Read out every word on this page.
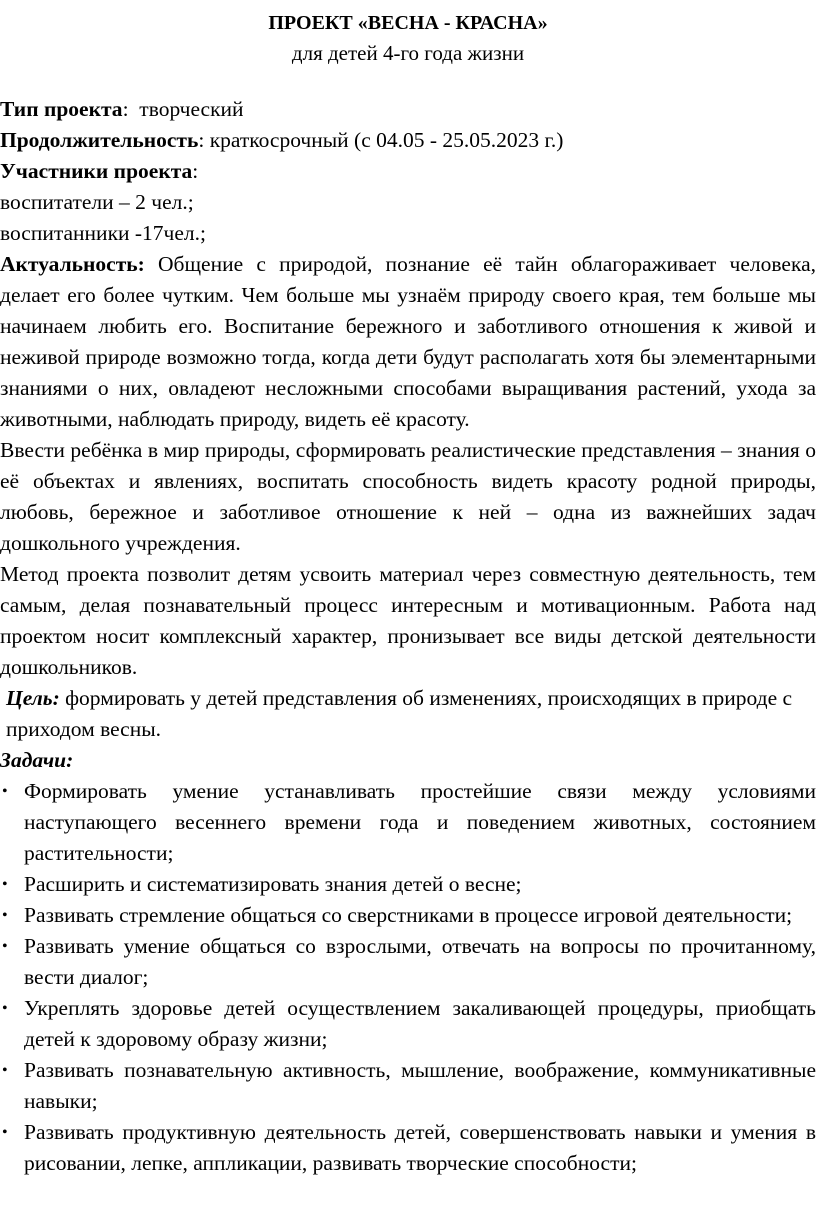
ПРОЕКТ «ВЕСНА - КРАСНА»
для детей 4-го года жизни

Тип проекта:  творческий

Продолжительность: краткосрочный (с 04.05 - 25.05.2023 г.)

Участники проекта:

воспитатели – 2 чел.;

воспитанники -17чел.;

Актуальность: Общение с природой, познание её тайн облагораживает человека, делает его более чутким. Чем больше мы узнаём природу своего края, тем больше мы начинаем любить его. Воспитание бережного и заботливого отношения к живой и неживой природе возможно тогда, когда дети будут располагать хотя бы элементарными знаниями о них, овладеют несложными способами выращивания растений, ухода за животными, наблюдать природу, видеть её красоту.

Ввести ребёнка в мир природы, сформировать реалистические представления – знания о её объектах и явлениях, воспитать способность видеть красоту родной природы, любовь, бережное и заботливое отношение к ней – одна из важнейших задач дошкольного учреждения.

Метод проекта позволит детям усвоить материал через совместную деятельность, тем самым, делая познавательный процесс интересным и мотивационным. Работа над проектом носит комплексный характер, пронизывает все виды детской деятельности дошкольников.

Цель: формировать у детей представления об изменениях, происходящих в природе с приходом весны.

Задачи:

• Формировать умение устанавливать простейшие связи между условиями наступающего весеннего времени года и поведением животных, состоянием растительности;
• Расширить и систематизировать знания детей о весне;
• Развивать стремление общаться со сверстниками в процессе игровой деятельности;
• Развивать умение общаться со взрослыми, отвечать на вопросы по прочитанному, вести диалог;
• Укреплять здоровье детей осуществлением закаливающей процедуры, приобщать детей к здоровому образу жизни;
• Развивать познавательную активность, мышление, воображение, коммуникативные навыки;
• Развивать продуктивную деятельность детей, совершенствовать навыки и умения в рисовании, лепке, аппликации, развивать творческие способности;
